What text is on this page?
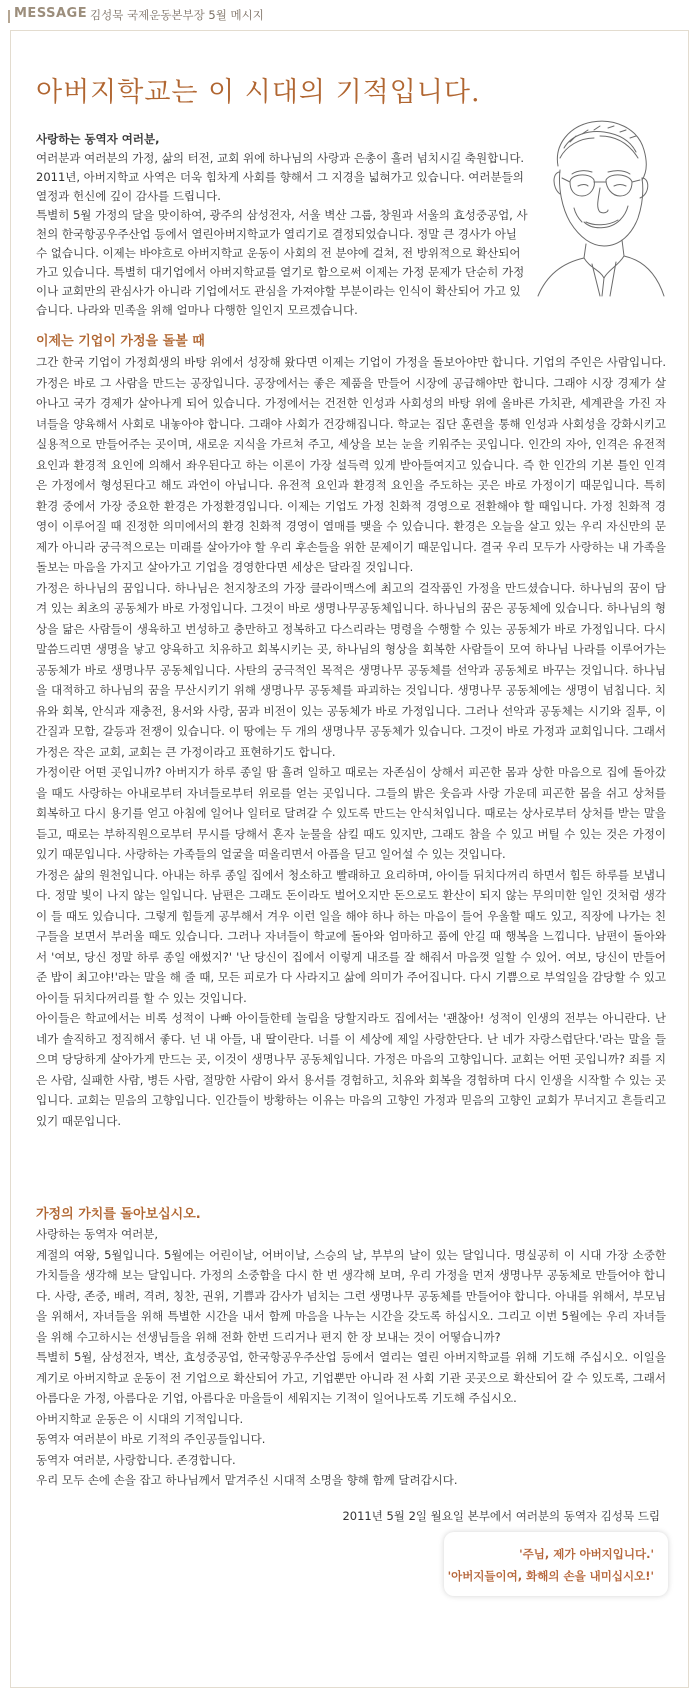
MESSAGE 김성묵 국제운동본부장 5월 메시지
아버지학교는 이 시대의 기적입니다.

사랑하는 동역자 여러분,

여러분과 여러분의 가정, 삶의 터전, 교회 위에 하나님의 사랑과 은총이 흘러 넘치시길 축원합니다.

2011년, 아버지학교 사역은 더욱 힘차게 사회를 향해서 그 지경을 넓혀가고 있습니다. 여러분들의 열정과 헌신에 깊이 감사를 드립니다.

특별히 5월 가정의 달을 맞이하여, 광주의 삼성전자, 서울 벽산 그룹, 창원과 서울의 효성중공업, 사천의 한국항공우주산업 등에서 열린아버지학교가 열리기로 결정되었습니다. 정말 큰 경사가 아닐 수 없습니다. 이제는 바야흐로 아버지학교 운동이 사회의 전 분야에 걸쳐, 전 방위적으로 확산되어 가고 있습니다. 특별히 대기업에서 아버지학교를 열기로 함으로써 이제는 가정 문제가 단순히 가정이나 교회만의 관심사가 아니라 기업에서도 관심을 가져야할 부분이라는 인식이 확산되어 가고 있습니다. 나라와 민족을 위해 얼마나 다행한 일인지 모르겠습니다.

이제는 기업이 가정을 돌볼 때

그간 한국 기업이 가정희생의 바탕 위에서 성장해 왔다면 이제는 기업이 가정을 돌보아야만 합니다. 기업의 주인은 사람입니다. 가정은 바로 그 사람을 만드는 공장입니다. 공장에서는 좋은 제품을 만들어 시장에 공급해야만 합니다. 그래야 시장 경제가 살아나고 국가 경제가 살아나게 되어 있습니다. 가정에서는 건전한 인성과 사회성의 바탕 위에 올바른 가치관, 세계관을 가진 자녀들을 양육해서 사회로 내놓아야 합니다. 그래야 사회가 건강해집니다. 학교는 집단 훈련을 통해 인성과 사회성을 강화시키고 실용적으로 만들어주는 곳이며, 새로운 지식을 가르쳐 주고, 세상을 보는 눈을 키워주는 곳입니다. 인간의 자아, 인격은 유전적 요인과 환경적 요인에 의해서 좌우된다고 하는 이론이 가장 설득력 있게 받아들여지고 있습니다. 즉 한 인간의 기본 틀인 인격은 가정에서 형성된다고 해도 과언이 아닙니다. 유전적 요인과 환경적 요인을 주도하는 곳은 바로 가정이기 때문입니다. 특히 환경 중에서 가장 중요한 환경은 가정환경입니다. 이제는 기업도 가정 친화적 경영으로 전환해야 할 때입니다. 가정 친화적 경영이 이루어질 때 진정한 의미에서의 환경 친화적 경영이 열매를 맺을 수 있습니다. 환경은 오늘을 살고 있는 우리 자신만의 문제가 아니라 궁극적으로는 미래를 살아가야 할 우리 후손들을 위한 문제이기 때문입니다. 결국 우리 모두가 사랑하는 내 가족을 돌보는 마음을 가지고 살아가고 기업을 경영한다면 세상은 달라질 것입니다.

가정은 하나님의 꿈입니다. 하나님은 천지창조의 가장 클라이맥스에 최고의 걸작품인 가정을 만드셨습니다. 하나님의 꿈이 담겨 있는 최초의 공동체가 바로 가정입니다. 그것이 바로 생명나무공동체입니다. 하나님의 꿈은 공동체에 있습니다. 하나님의 형상을 닮은 사람들이 생육하고 번성하고 충만하고 정복하고 다스리라는 명령을 수행할 수 있는 공동체가 바로 가정입니다. 다시 말씀드리면 생명을 낳고 양육하고 치유하고 회복시키는 곳, 하나님의 형상을 회복한 사람들이 모여 하나님 나라를 이루어가는 공동체가 바로 생명나무 공동체입니다. 사탄의 궁극적인 목적은 생명나무 공동체를 선악과 공동체로 바꾸는 것입니다. 하나님을 대적하고 하나님의 꿈을 무산시키기 위해 생명나무 공동체를 파괴하는 것입니다. 생명나무 공동체에는 생명이 넘칩니다. 치유와 회복, 안식과 재충전, 용서와 사랑, 꿈과 비전이 있는 공동체가 바로 가정입니다. 그러나 선악과 공동체는 시기와 질투, 이간질과 모함, 갈등과 전쟁이 있습니다. 이 땅에는 두 개의 생명나무 공동체가 있습니다. 그것이 바로 가정과 교회입니다. 그래서 가정은 작은 교회, 교회는 큰 가정이라고 표현하기도 합니다.

가정이란 어떤 곳입니까? 아버지가 하루 종일 땀 흘려 일하고 때로는 자존심이 상해서 피곤한 몸과 상한 마음으로 집에 돌아갔을 때도 사랑하는 아내로부터 자녀들로부터 위로를 얻는 곳입니다. 그들의 밝은 웃음과 사랑 가운데 피곤한 몸을 쉬고 상처를 회복하고 다시 용기를 얻고 아침에 일어나 일터로 달려갈 수 있도록 만드는 안식처입니다. 때로는 상사로부터 상처를 받는 말을 듣고, 때로는 부하직원으로부터 무시를 당해서 혼자 눈물을 삼킬 때도 있지만, 그래도 참을 수 있고 버틸 수 있는 것은 가정이 있기 때문입니다. 사랑하는 가족들의 얼굴을 떠올리면서 아픔을 딛고 일어설 수 있는 것입니다.

가정은 삶의 원천입니다. 아내는 하루 종일 집에서 청소하고 빨래하고 요리하며, 아이들 뒤치다꺼리 하면서 힘든 하루를 보냅니다. 정말 빛이 나지 않는 일입니다. 남편은 그래도 돈이라도 벌어오지만 돈으로도 환산이 되지 않는 무의미한 일인 것처럼 생각이 들 때도 있습니다. 그렇게 힘들게 공부해서 겨우 이런 일을 해야 하나 하는 마음이 들어 우울할 때도 있고, 직장에 나가는 친구들을 보면서 부러울 때도 있습니다. 그러나 자녀들이 학교에 돌아와 엄마하고 품에 안길 때 행복을 느낍니다. 남편이 돌아와서 '여보, 당신 정말 하루 종일 애썼지?' '난 당신이 집에서 이렇게 내조를 잘 해줘서 마음껏 일할 수 있어. 여보, 당신이 만들어 준 밥이 최고야!'라는 말을 해 줄 때, 모든 피로가 다 사라지고 삶에 의미가 주어집니다. 다시 기쁨으로 부엌일을 감당할 수 있고 아이들 뒤치다꺼리를 할 수 있는 것입니다.

아이들은 학교에서는 비록 성적이 나빠 아이들한테 놀림을 당할지라도 집에서는 '괜찮아! 성적이 인생의 전부는 아니란다. 난 네가 솔직하고 정직해서 좋다. 넌 내 아들, 내 딸이란다. 너를 이 세상에 제일 사랑한단다. 난 네가 자랑스럽단다.'라는 말을 들으며 당당하게 살아가게 만드는 곳, 이것이 생명나무 공동체입니다. 가정은 마음의 고향입니다. 교회는 어떤 곳입니까? 죄를 지은 사람, 실패한 사람, 병든 사람, 절망한 사람이 와서 용서를 경험하고, 치유와 회복을 경험하며 다시 인생을 시작할 수 있는 곳입니다. 교회는 믿음의 고향입니다. 인간들이 방황하는 이유는 마음의 고향인 가정과 믿음의 고향인 교회가 무너지고 흔들리고 있기 때문입니다.

가정의 가치를 돌아보십시오.

사랑하는 동역자 여러분,

계절의 여왕, 5월입니다. 5월에는 어린이날, 어버이날, 스승의 날, 부부의 날이 있는 달입니다. 명실공히 이 시대 가장 소중한 가치들을 생각해 보는 달입니다. 가정의 소중함을 다시 한 번 생각해 보며, 우리 가정을 먼저 생명나무 공동체로 만들어야 합니다. 사랑, 존중, 배려, 격려, 칭찬, 권위, 기쁨과 감사가 넘치는 그런 생명나무 공동체를 만들어야 합니다. 아내를 위해서, 부모님을 위해서, 자녀들을 위해 특별한 시간을 내서 함께 마음을 나누는 시간을 갖도록 하십시오. 그리고 이번 5월에는 우리 자녀들을 위해 수고하시는 선생님들을 위해 전화 한번 드리거나 편지 한 장 보내는 것이 어떻습니까?

특별히 5월, 삼성전자, 벽산, 효성중공업, 한국항공우주산업 등에서 열리는 열린 아버지학교를 위해 기도해 주십시오. 이일을 계기로 아버지학교 운동이 전 기업으로 확산되어 가고, 기업뿐만 아니라 전 사회 기관 곳곳으로 확산되어 갈 수 있도록, 그래서 아름다운 가정, 아름다운 기업, 아름다운 마을들이 세워지는 기적이 일어나도록 기도해 주십시오.

아버지학교 운동은 이 시대의 기적입니다.

동역자 여러분이 바로 기적의 주인공들입니다.

동역자 여러분, 사랑합니다. 존경합니다.

우리 모두 손에 손을 잡고 하나님께서 맡겨주신 시대적 소명을 향해 함께 달려갑시다.

2011년 5월 2일 월요일 본부에서 여러분의 동역자 김성묵 드림

'주님, 제가 아버지입니다.'

'아버지들이여, 화해의 손을 내미십시오!'
